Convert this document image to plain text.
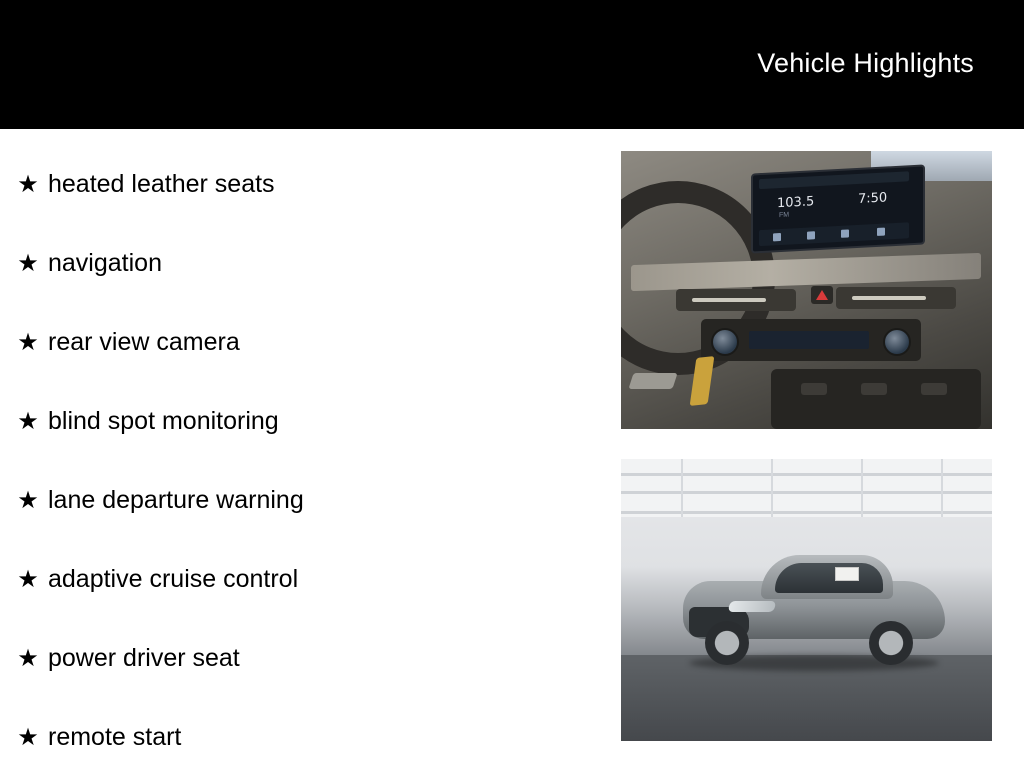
Vehicle Highlights
★ heated leather seats
★ navigation
★ rear view camera
★ blind spot monitoring
★ lane departure warning
★ adaptive cruise control
★ power driver seat
★ remote start
103.5
FM
7:50
